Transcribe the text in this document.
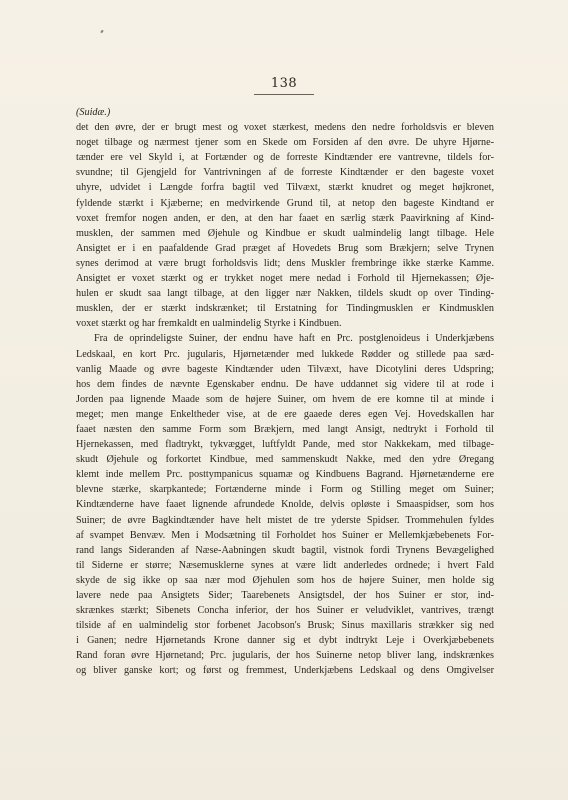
138
(Suidæ.)
det den øvre, der er brugt mest og voxet stærkest, medens den nedre forholdsvis er bleven
noget tilbage og nærmest tjener som en Skede om Forsiden af den øvre. De uhyre Hjørne-
tænder ere vel Skyld i, at Fortænder og de forreste Kindtænder ere vantrevne, tildels for-
svundne; til Gjengjeld for Vantrivningen af de forreste Kindtænder er den bageste voxet
uhyre, udvidet i Længde forfra bagtil ved Tilvæxt, stærkt knudret og meget højkronet,
fyldende stærkt i Kjæberne; en medvirkende Grund til, at netop den bageste Kindtand er
voxet fremfor nogen anden, er den, at den har faaet en særlig stærk Paavirkning af Kind-
musklen, der sammen med Øjehule og Kindbue er skudt ualmindelig langt tilbage. Hele
Ansigtet er i en paafaldende Grad præget af Hovedets Brug som Brækjern; selve Trynen
synes derimod at være brugt forholdsvis lidt; dens Muskler frembringe ikke stærke Kamme.
Ansigtet er voxet stærkt og er trykket noget mere nedad i Forhold til Hjernekassen; Øje-
hulen er skudt saa langt tilbage, at den ligger nær Nakken, tildels skudt op over Tinding-
musklen, der er stærkt indskrænket; til Erstatning for Tindingmusklen er Kindmusklen
voxet stærkt og har fremkaldt en ualmindelig Styrke i Kindbuen.
Fra de oprindeligste Suiner, der endnu have haft en Prc. postglenoideus i Underkjæbens
Ledskaal, en kort Prc. jugularis, Hjørnetænder med lukkede Rødder og stillede paa sæd-
vanlig Maade og øvre bageste Kindtænder uden Tilvæxt, have Dicotylini deres Udspring;
hos dem findes de nævnte Egenskaber endnu. De have uddannet sig videre til at rode i
Jorden paa lignende Maade som de højere Suiner, om hvem de ere komne til at minde i
meget; men mange Enkeltheder vise, at de ere gaaede deres egen Vej. Hovedskallen har
faaet næsten den samme Form som Brækjern, med langt Ansigt, nedtrykt i Forhold til
Hjernekassen, med fladtrykt, tykvægget, luftfyldt Pande, med stor Nakkekam, med tilbage-
skudt Øjehule og forkortet Kindbue, med sammenskudt Nakke, med den ydre Øregang
klemt inde mellem Prc. posttympanicus squamæ og Kindbuens Bagrand. Hjørnetænderne ere
blevne stærke, skarpkantede; Fortænderne minde i Form og Stilling meget om Suiner;
Kindtænderne have faaet lignende afrundede Knolde, delvis opløste i Smaaspidser, som hos
Suiner; de øvre Bagkindtænder have helt mistet de tre yderste Spidser. Trommehulen fyldes
af svampet Benvæv. Men i Modsætning til Forholdet hos Suiner er Mellemkjæbebenets For-
rand langs Sideranden af Næse-Aabningen skudt bagtil, vistnok fordi Trynens Bevægelighed
til Siderne er større; Næsemusklerne synes at være lidt anderledes ordnede; i hvert Fald
skyde de sig ikke op saa nær mod Øjehulen som hos de højere Suiner, men holde sig
lavere nede paa Ansigtets Sider; Taarebenets Ansigtsdel, der hos Suiner er stor, ind-
skrænkes stærkt; Sibenets Concha inferior, der hos Suiner er veludviklet, vantrives, trængt
tilside af en ualmindelig stor forbenet Jacobson's Brusk; Sinus maxillaris strækker sig ned
i Ganen; nedre Hjørnetands Krone danner sig et dybt indtrykt Leje i Overkjæbebenets
Rand foran øvre Hjørnetand; Prc. jugularis, der hos Suinerne netop bliver lang, indskrænkes
og bliver ganske kort; og først og fremmest, Underkjæbens Ledskaal og dens Omgivelser
